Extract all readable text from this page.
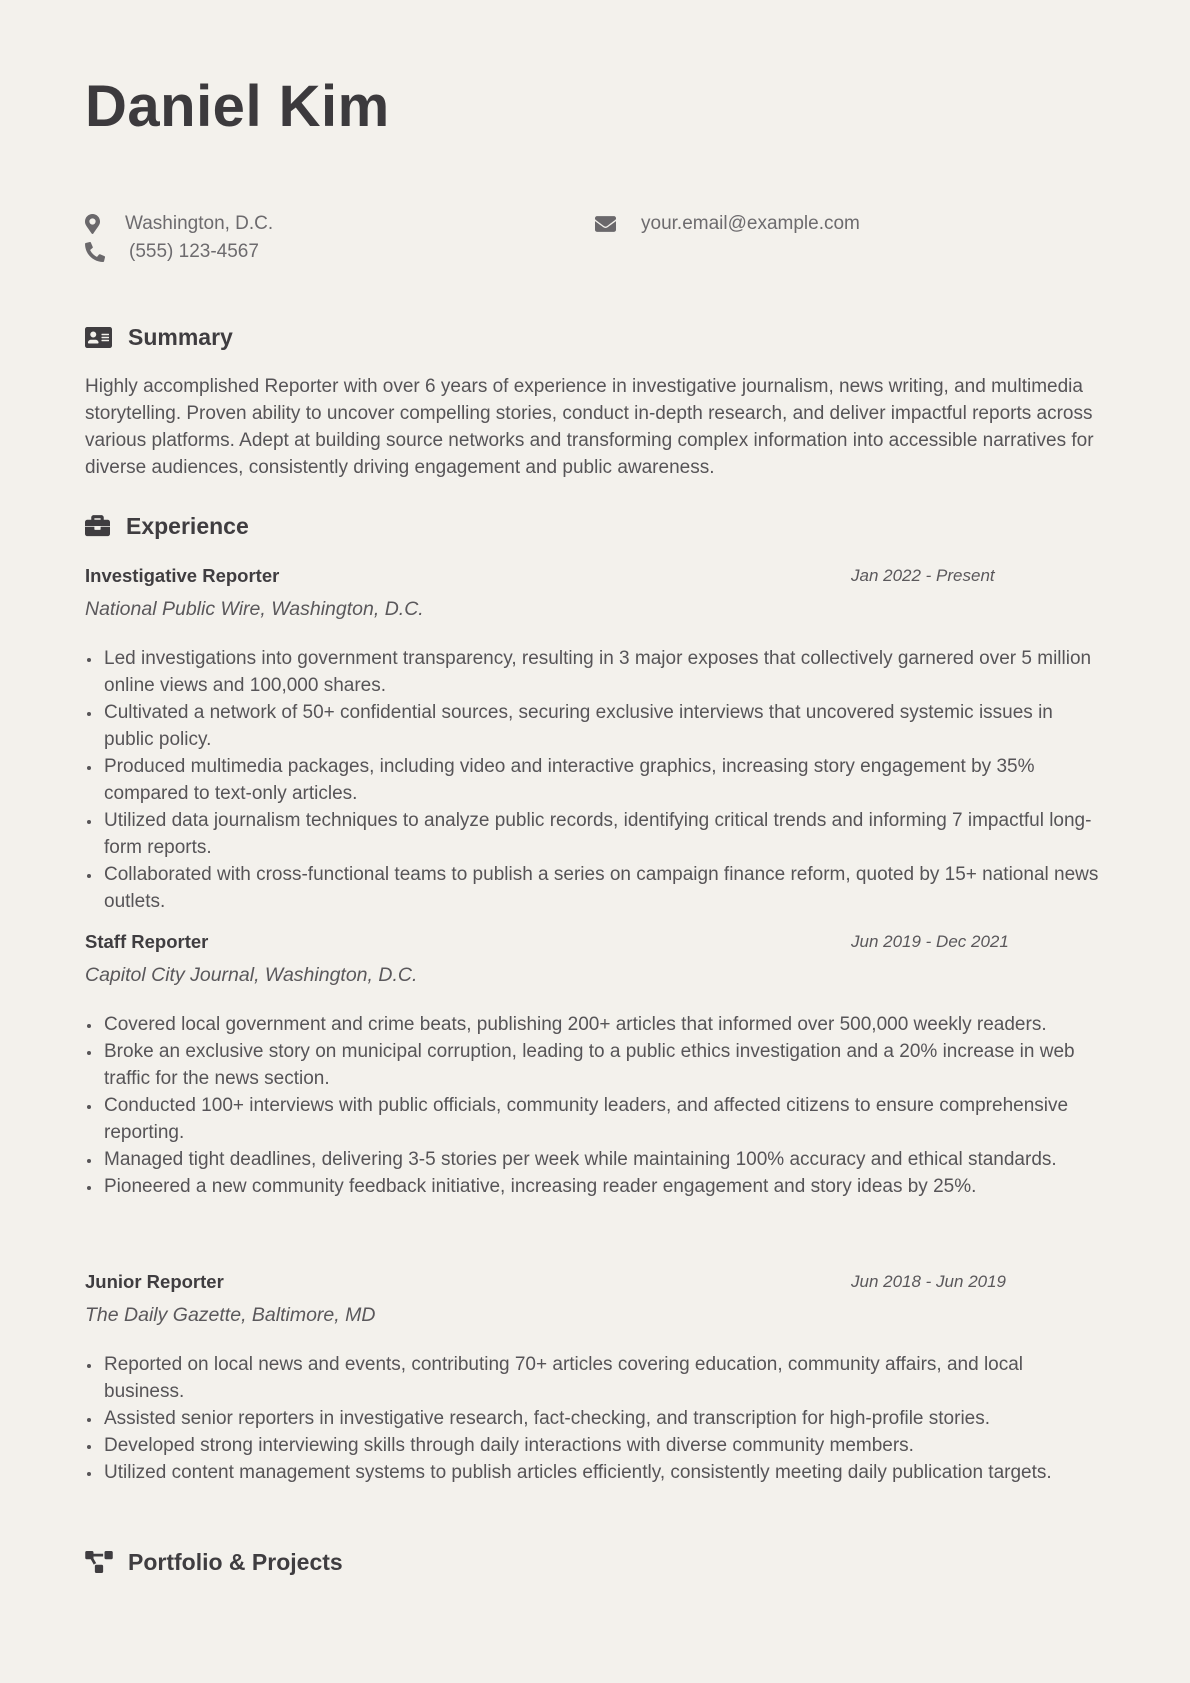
Daniel Kim
Washington, D.C.
(555) 123-4567
your.email@example.com
Summary

Highly accomplished Reporter with over 6 years of experience in investigative journalism, news writing, and multimedia storytelling. Proven ability to uncover compelling stories, conduct in-depth research, and deliver impactful reports across various platforms. Adept at building source networks and transforming complex information into accessible narratives for diverse audiences, consistently driving engagement and public awareness.

Experience
Investigative Reporter	Jan 2022 - Present
National Public Wire, Washington, D.C.
Led investigations into government transparency, resulting in 3 major exposes that collectively garnered over 5 million online views and 100,000 shares.
Cultivated a network of 50+ confidential sources, securing exclusive interviews that uncovered systemic issues in public policy.
Produced multimedia packages, including video and interactive graphics, increasing story engagement by 35% compared to text-only articles.
Utilized data journalism techniques to analyze public records, identifying critical trends and informing 7 impactful long-form reports.
Collaborated with cross-functional teams to publish a series on campaign finance reform, quoted by 15+ national news outlets.
Staff Reporter	Jun 2019 - Dec 2021
Capitol City Journal, Washington, D.C.
Covered local government and crime beats, publishing 200+ articles that informed over 500,000 weekly readers.
Broke an exclusive story on municipal corruption, leading to a public ethics investigation and a 20% increase in web traffic for the news section.
Conducted 100+ interviews with public officials, community leaders, and affected citizens to ensure comprehensive reporting.
Managed tight deadlines, delivering 3-5 stories per week while maintaining 100% accuracy and ethical standards.
Pioneered a new community feedback initiative, increasing reader engagement and story ideas by 25%.
Junior Reporter	Jun 2018 - Jun 2019
The Daily Gazette, Baltimore, MD
Reported on local news and events, contributing 70+ articles covering education, community affairs, and local business.
Assisted senior reporters in investigative research, fact-checking, and transcription for high-profile stories.
Developed strong interviewing skills through daily interactions with diverse community members.
Utilized content management systems to publish articles efficiently, consistently meeting daily publication targets.
Portfolio & Projects
